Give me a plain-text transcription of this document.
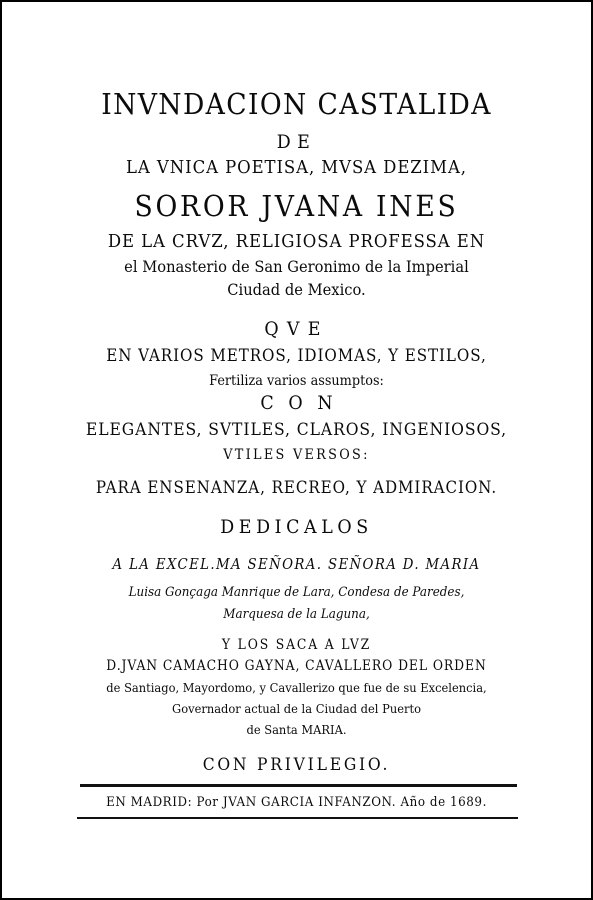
INVNDACION CASTALIDA

DE

LA VNICA POETISA, MVSA DEZIMA,

SOROR JVANA INES

DE LA CRVZ, RELIGIOSA PROFESSA EN

el Monasterio de San Geronimo de la Imperial

Ciudad de Mexico.

QVE

EN VARIOS METROS, IDIOMAS, Y ESTILOS,

Fertiliza varios assumptos:

CON

ELEGANTES, SVTILES, CLAROS, INGENIOSOS,

VTILES VERSOS:

PARA ENSENANZA, RECREO, Y ADMIRACION.

DEDICALOS

A LA EXCEL.MA SEÑORA. SEÑORA D. MARIA

Luisa Gonçaga Manrique de Lara, Condesa de Paredes,

Marquesa de la Laguna,

Y LOS SACA A LVZ

D.JVAN CAMACHO GAYNA, CAVALLERO DEL ORDEN

de Santiago, Mayordomo, y Cavallerizo que fue de su Excelencia,

Governador actual de la Ciudad del Puerto

de Santa MARIA.

CON PRIVILEGIO.

EN MADRID: Por JVAN GARCIA INFANZON. Año de 1689.
